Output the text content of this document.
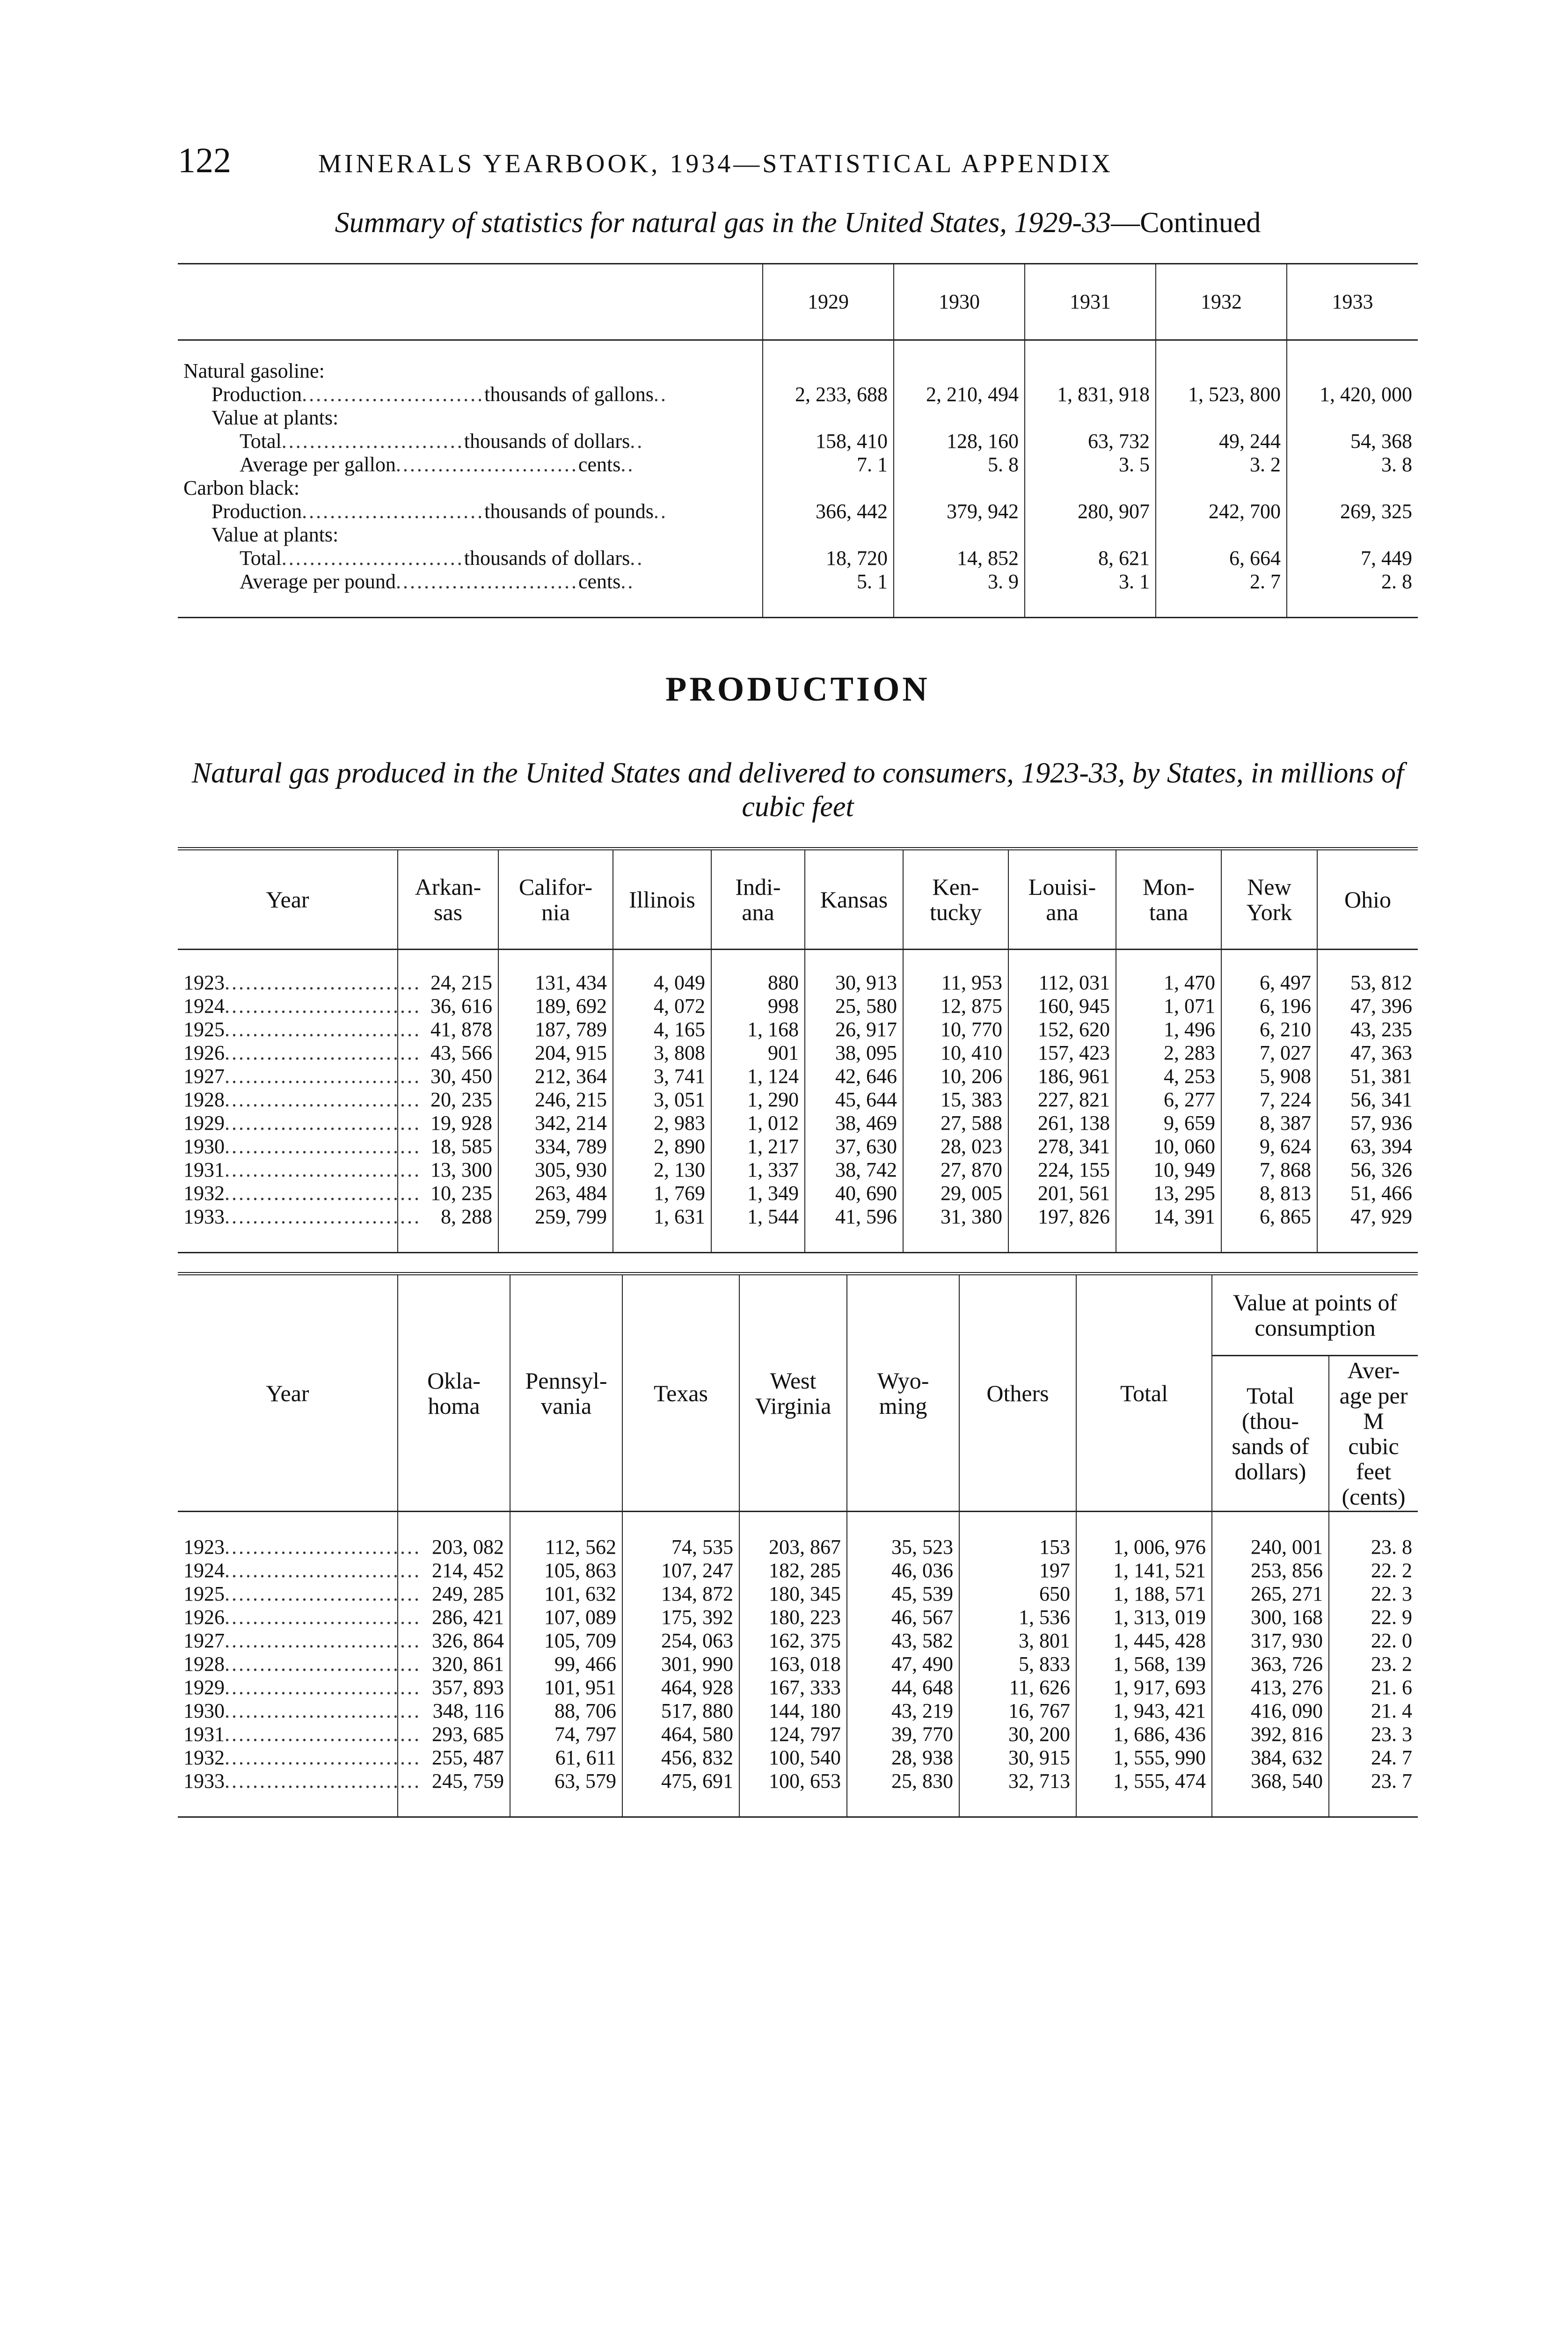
122	MINERALS YEARBOOK, 1934—STATISTICAL APPENDIX
Summary of statistics for natural gas in the United States, 1929-33—Continued
	1929	1930	1931	1932	1933
Natural gasoline:					
Production..........................thousands of gallons..	2, 233, 688	2, 210, 494	1, 831, 918	1, 523, 800	1, 420, 000
Value at plants:					
Total..........................thousands of dollars..	158, 410	128, 160	63, 732	49, 244	54, 368
Average per gallon..........................cents..	7. 1	5. 8	3. 5	3. 2	3. 8
Carbon black:					
Production..........................thousands of pounds..	366, 442	379, 942	280, 907	242, 700	269, 325
Value at plants:					
Total..........................thousands of dollars..	18, 720	14, 852	8, 621	6, 664	7, 449
Average per pound..........................cents..	5. 1	3. 9	3. 1	2. 7	2. 8
PRODUCTION
Natural gas produced in the United States and delivered to consumers, 1923-33, by States, in millions of cubic feet
Year	Arkan- sas	Califor- nia	Illinois	Indi- ana	Kansas	Ken- tucky	Louisi- ana	Mon- tana	New York	Ohio
1923............................	24, 215	131, 434	4, 049	880	30, 913	11, 953	112, 031	1, 470	6, 497	53, 812
1924............................	36, 616	189, 692	4, 072	998	25, 580	12, 875	160, 945	1, 071	6, 196	47, 396
1925............................	41, 878	187, 789	4, 165	1, 168	26, 917	10, 770	152, 620	1, 496	6, 210	43, 235
1926............................	43, 566	204, 915	3, 808	901	38, 095	10, 410	157, 423	2, 283	7, 027	47, 363
1927............................	30, 450	212, 364	3, 741	1, 124	42, 646	10, 206	186, 961	4, 253	5, 908	51, 381
1928............................	20, 235	246, 215	3, 051	1, 290	45, 644	15, 383	227, 821	6, 277	7, 224	56, 341
1929............................	19, 928	342, 214	2, 983	1, 012	38, 469	27, 588	261, 138	9, 659	8, 387	57, 936
1930............................	18, 585	334, 789	2, 890	1, 217	37, 630	28, 023	278, 341	10, 060	9, 624	63, 394
1931............................	13, 300	305, 930	2, 130	1, 337	38, 742	27, 870	224, 155	10, 949	7, 868	56, 326
1932............................	10, 235	263, 484	1, 769	1, 349	40, 690	29, 005	201, 561	13, 295	8, 813	51, 466
1933............................	8, 288	259, 799	1, 631	1, 544	41, 596	31, 380	197, 826	14, 391	6, 865	47, 929
Year	Okla- homa	Pennsyl- vania	Texas	West Virginia	Wyo- ming	Others	Total	Value at points of consumption	
								Total (thou- sands of dollars)	Aver- age per M cubic feet (cents)
1923............................	203, 082	112, 562	74, 535	203, 867	35, 523	153	1, 006, 976	240, 001	23. 8
1924............................	214, 452	105, 863	107, 247	182, 285	46, 036	197	1, 141, 521	253, 856	22. 2
1925............................	249, 285	101, 632	134, 872	180, 345	45, 539	650	1, 188, 571	265, 271	22. 3
1926............................	286, 421	107, 089	175, 392	180, 223	46, 567	1, 536	1, 313, 019	300, 168	22. 9
1927............................	326, 864	105, 709	254, 063	162, 375	43, 582	3, 801	1, 445, 428	317, 930	22. 0
1928............................	320, 861	99, 466	301, 990	163, 018	47, 490	5, 833	1, 568, 139	363, 726	23. 2
1929............................	357, 893	101, 951	464, 928	167, 333	44, 648	11, 626	1, 917, 693	413, 276	21. 6
1930............................	348, 116	88, 706	517, 880	144, 180	43, 219	16, 767	1, 943, 421	416, 090	21. 4
1931............................	293, 685	74, 797	464, 580	124, 797	39, 770	30, 200	1, 686, 436	392, 816	23. 3
1932............................	255, 487	61, 611	456, 832	100, 540	28, 938	30, 915	1, 555, 990	384, 632	24. 7
1933............................	245, 759	63, 579	475, 691	100, 653	25, 830	32, 713	1, 555, 474	368, 540	23. 7
